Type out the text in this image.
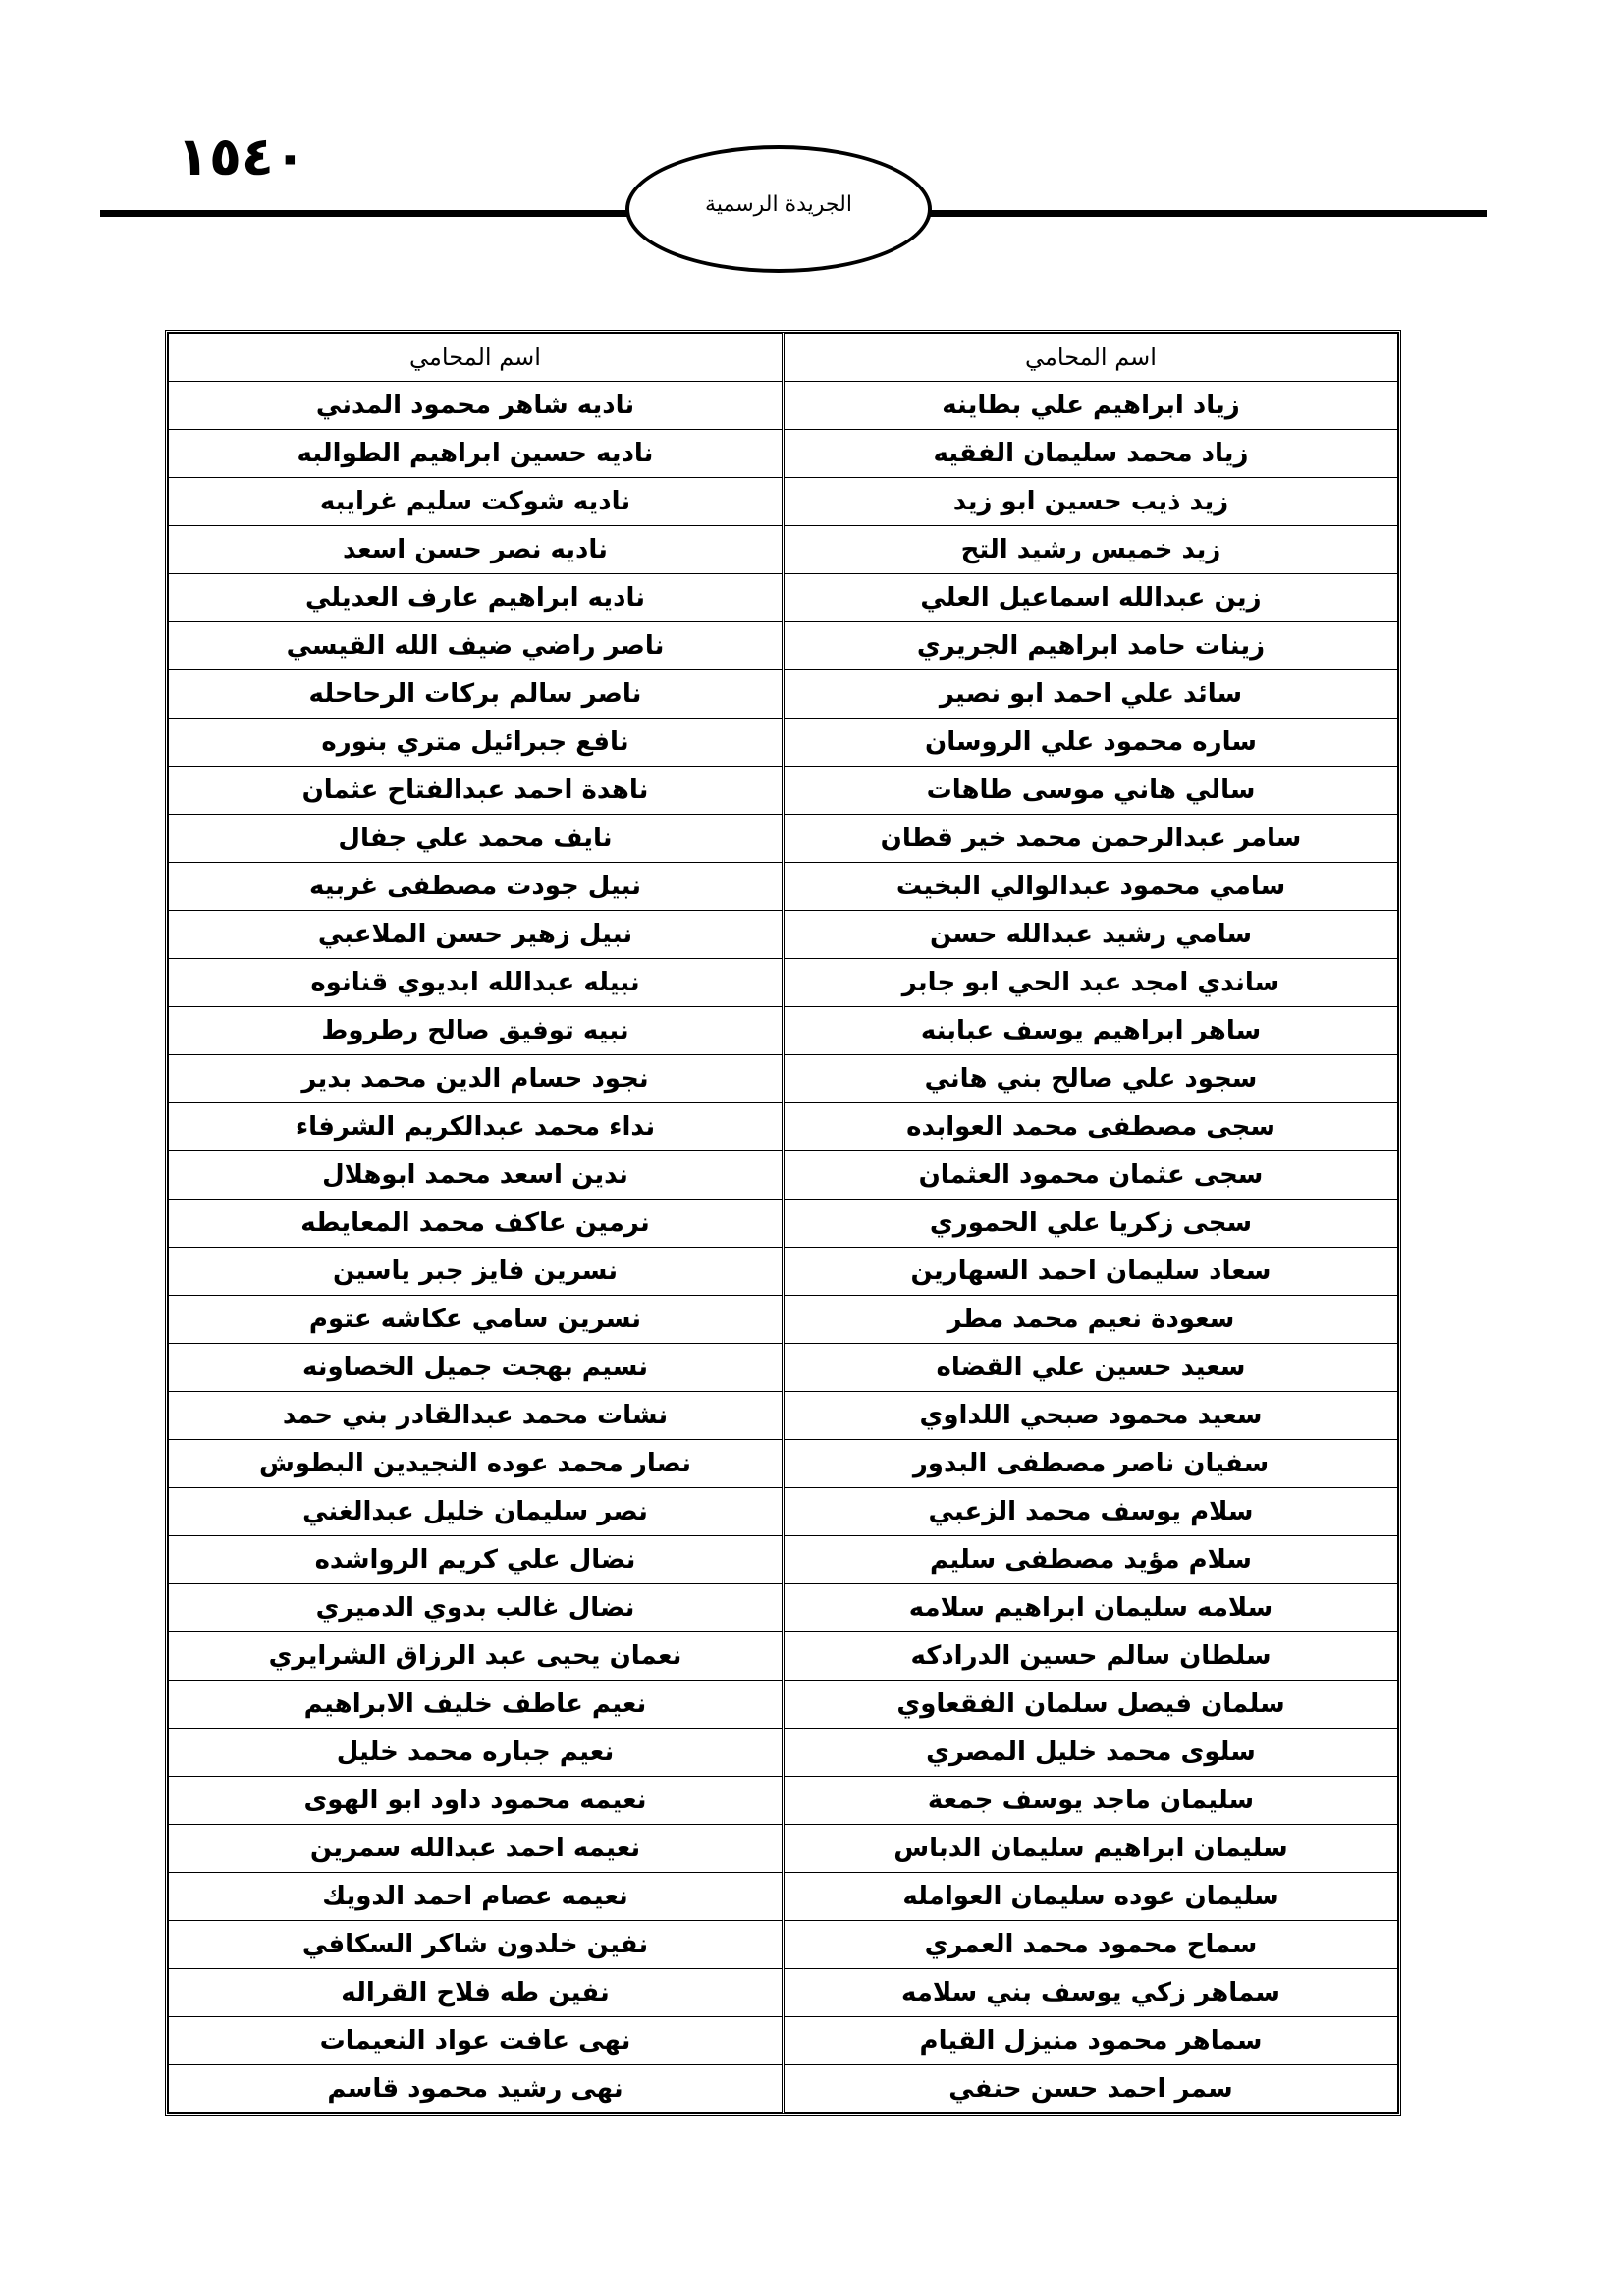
١٥٤٠
الجريدة الرسمية
اسم المحامي	اسم المحامي
زياد ابراهيم علي بطاينه	ناديه شاهر محمود المدني
زياد محمد سليمان الفقيه	ناديه حسين ابراهيم الطوالبه
زيد ذيب حسين ابو زيد	ناديه شوكت سليم غرايبه
زيد خميس رشيد التح	ناديه نصر حسن اسعد
زين عبدالله اسماعيل العلي	ناديه ابراهيم عارف العديلي
زينات حامد ابراهيم الجريري	ناصر راضي ضيف الله القيسي
سائد علي احمد ابو نصير	ناصر سالم بركات الرحاحله
ساره محمود علي الروسان	نافع جبرائيل متري بنوره
سالي هاني موسى طاهات	ناهدة احمد عبدالفتاح عثمان
سامر عبدالرحمن محمد خير قطان	نايف محمد علي جفال
سامي محمود عبدالوالي البخيت	نبيل جودت مصطفى غربيه
سامي رشيد عبدالله حسن	نبيل زهير حسن الملاعبي
ساندي امجد عبد الحي ابو جابر	نبيله عبدالله ابديوي قنانوه
ساهر ابراهيم يوسف عبابنه	نبيه توفيق صالح رطروط
سجود علي صالح بني هاني	نجود حسام الدين محمد بدير
سجى مصطفى محمد العوابده	نداء محمد عبدالكريم الشرفاء
سجى عثمان محمود العثمان	ندين اسعد محمد ابوهلال
سجى زكريا علي الحموري	نرمين عاكف محمد المعايطه
سعاد سليمان احمد السهارين	نسرين فايز جبر ياسين
سعودة نعيم محمد مطر	نسرين سامي عكاشه عتوم
سعيد حسين علي القضاه	نسيم بهجت جميل الخصاونه
سعيد محمود صبحي اللداوي	نشات محمد عبدالقادر بني حمد
سفيان ناصر مصطفى البدور	نصار محمد عوده النجيدين البطوش
سلام يوسف محمد الزعبي	نصر سليمان خليل عبدالغني
سلام مؤيد مصطفى سليم	نضال علي كريم الرواشده
سلامه سليمان ابراهيم سلامه	نضال غالب بدوي الدميري
سلطان سالم حسين الدرادكه	نعمان يحيى عبد الرزاق الشرايري
سلمان فيصل سلمان الفقعاوي	نعيم عاطف خليف الابراهيم
سلوى محمد خليل المصري	نعيم جباره محمد خليل
سليمان ماجد يوسف جمعة	نعيمه محمود داود ابو الهوى
سليمان ابراهيم سليمان الدباس	نعيمه احمد عبدالله سمرين
سليمان عوده سليمان العوامله	نعيمه عصام احمد الدويك
سماح محمود محمد العمري	نفين خلدون شاكر السكافي
سماهر زكي يوسف بني سلامه	نفين طه فلاح القراله
سماهر محمود منيزل القيام	نهى عافت عواد النعيمات
سمر احمد حسن حنفي	نهى رشيد محمود قاسم
